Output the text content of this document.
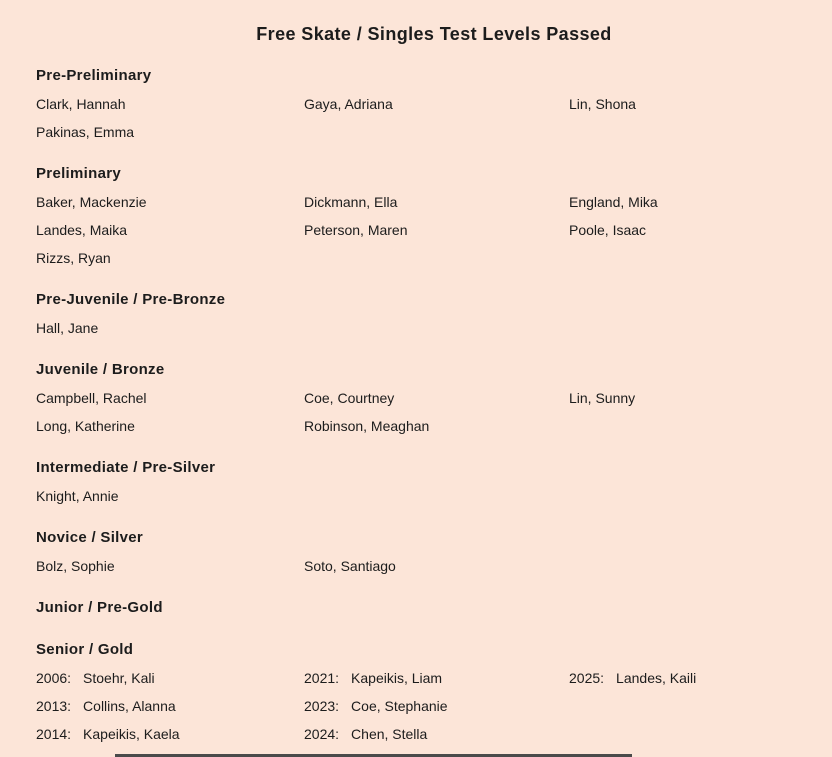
Free Skate / Singles Test Levels Passed
Pre-Preliminary
Clark, Hannah	Gaya, Adriana	Lin, Shona
Pakinas, Emma
Preliminary
Baker, Mackenzie	Dickmann, Ella	England, Mika
Landes, Maika	Peterson, Maren	Poole, Isaac
Rizzs, Ryan
Pre-Juvenile / Pre-Bronze
Hall, Jane
Juvenile / Bronze
Campbell, Rachel	Coe, Courtney	Lin, Sunny
Long, Katherine	Robinson, Meaghan
Intermediate / Pre-Silver
Knight, Annie
Novice / Silver
Bolz, Sophie	Soto, Santiago
Junior / Pre-Gold
Senior / Gold
2006: Stoehr, Kali	2021: Kapeikis, Liam	2025: Landes, Kaili
2013: Collins, Alanna	2023: Coe, Stephanie
2014: Kapeikis, Kaela	2024: Chen, Stella
